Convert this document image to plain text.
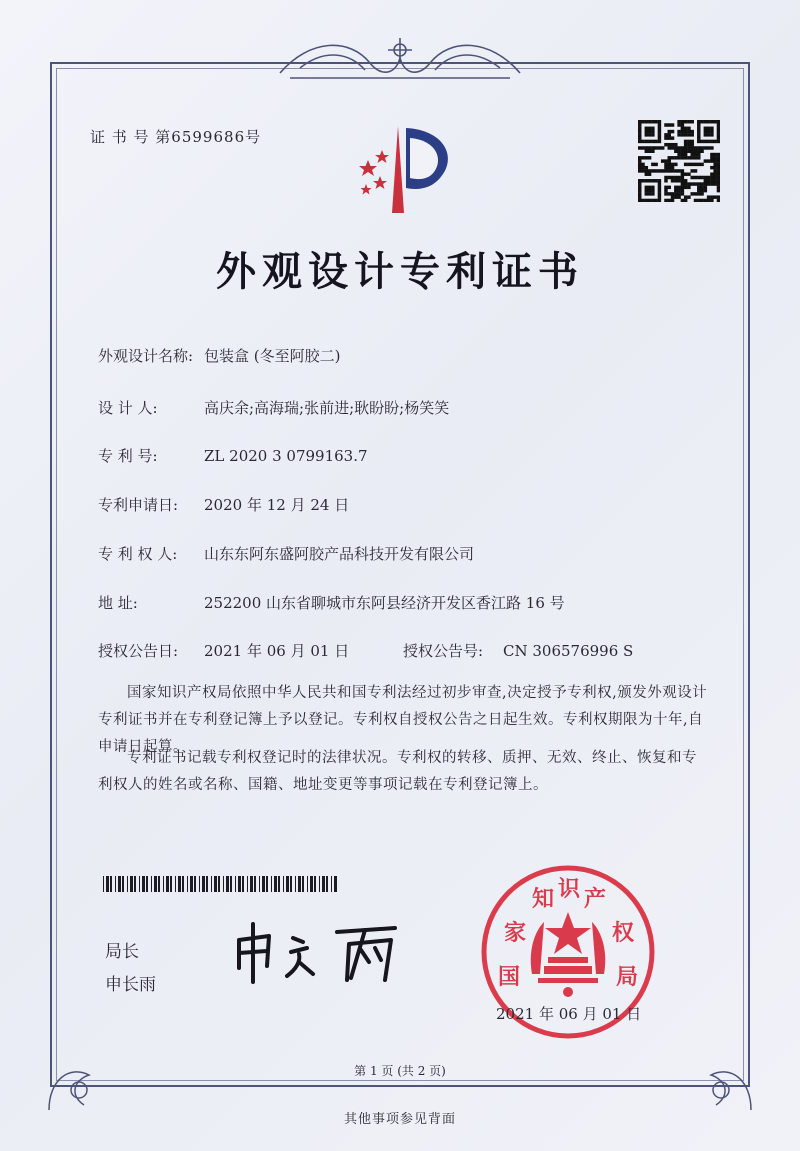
证 书 号 第6599686号
外观设计专利证书
外观设计名称: 包装盒 (冬至阿胶二)
设 计 人:	高庆余;高海瑞;张前进;耿盼盼;杨笑笑
专 利 号:	ZL 2020 3 0799163.7
专利申请日: 2020 年 12 月 24 日
专 利 权 人: 山东东阿东盛阿胶产品科技开发有限公司
地 址:	252200 山东省聊城市东阿县经济开发区香江路 16 号
授权公告日: 2021 年 06 月 01 日	授权公告号: CN 306576996 S
国家知识产权局依照中华人民共和国专利法经过初步审查,决定授予专利权,颁发外观设计专利证书并在专利登记簿上予以登记。专利权自授权公告之日起生效。专利权期限为十年,自申请日起算。
专利证书记载专利权登记时的法律状况。专利权的转移、质押、无效、终止、恢复和专利权人的姓名或名称、国籍、地址变更等事项记载在专利登记簿上。
局长
申长雨	国
家
知 识 产
权
局
2021 年 06 月 01 日
第 1 页 (共 2 页)
其他事项参见背面
